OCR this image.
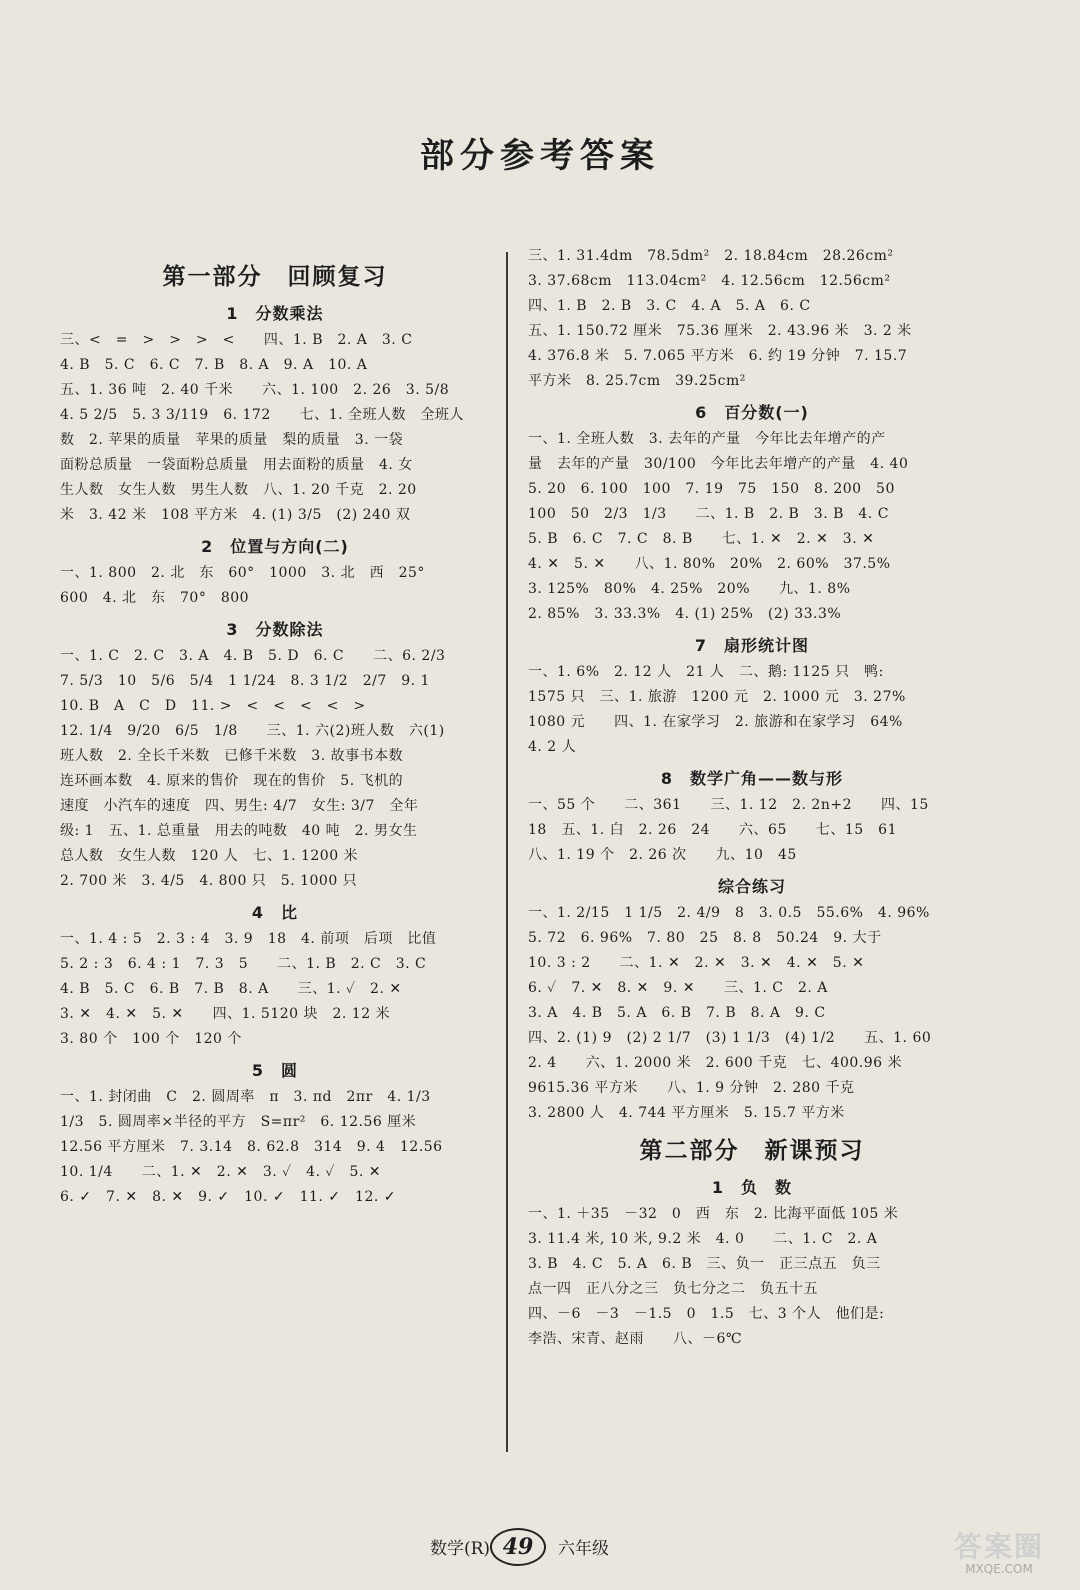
部分参考答案
第一部分　回顾复习
1　分数乘法
三、<　=　>　>　>　<　　四、1. B　2. A　3. C
4. B　5. C　6. C　7. B　8. A　9. A　10. A
五、1. 36 吨　2. 40 千米　　六、1. 100　2. 26　3. 5/8
4. 5 2/5　5. 3 3/119　6. 172　　七、1. 全班人数　全班人
数　2. 苹果的质量　苹果的质量　梨的质量　3. 一袋
面粉总质量　一袋面粉总质量　用去面粉的质量　4. 女
生人数　女生人数　男生人数　八、1. 20 千克　2. 20
米　3. 42 米　108 平方米　4. (1) 3/5　(2) 240 双
2　位置与方向(二)
一、1. 800　2. 北　东　60°　1000　3. 北　西　25°
600　4. 北　东　70°　800
3　分数除法
一、1. C　2. C　3. A　4. B　5. D　6. C　　二、6. 2/3
7. 5/3　10　5/6　5/4　1 1/24　8. 3 1/2　2/7　9. 1
10. B　A　C　D　11. >　<　<　<　<　>
12. 1/4　9/20　6/5　1/8　　三、1. 六(2)班人数　六(1)
班人数　2. 全长千米数　已修千米数　3. 故事书本数
连环画本数　4. 原来的售价　现在的售价　5. 飞机的
速度　小汽车的速度　四、男生: 4/7　女生: 3/7　全年
级: 1　五、1. 总重量　用去的吨数　40 吨　2. 男女生
总人数　女生人数　120 人　七、1. 1200 米
2. 700 米　3. 4/5　4. 800 只　5. 1000 只
4　比
一、1. 4 : 5　2. 3 : 4　3. 9　18　4. 前项　后项　比值
5. 2 : 3　6. 4 : 1　7. 3　5　　二、1. B　2. C　3. C
4. B　5. C　6. B　7. B　8. A　　三、1. ✓　2. ✕
3. ✕　4. ✕　5. ✕　　四、1. 5120 块　2. 12 米
3. 80 个　100 个　120 个
5　圆
一、1. 封闭曲　C　2. 圆周率　π　3. πd　2πr　4. 1/3
1/3　5. 圆周率×半径的平方　S=πr²　6. 12.56 厘米
12.56 平方厘米　7. 3.14　8. 62.8　314　9. 4　12.56
10. 1/4　　二、1. ✕　2. ✕　3. ✓　4. ✓　5. ✕
6. ✓　7. ✕　8. ✕　9. ✓　10. ✓　11. ✓　12. ✓
三、1. 31.4dm　78.5dm²　2. 18.84cm　28.26cm²
3. 37.68cm　113.04cm²　4. 12.56cm　12.56cm²
四、1. B　2. B　3. C　4. A　5. A　6. C
五、1. 150.72 厘米　75.36 厘米　2. 43.96 米　3. 2 米
4. 376.8 米　5. 7.065 平方米　6. 约 19 分钟　7. 15.7
平方米　8. 25.7cm　39.25cm²
6　百分数(一)
一、1. 全班人数　3. 去年的产量　今年比去年增产的产
量　去年的产量　30/100　今年比去年增产的产量　4. 40
5. 20　6. 100　100　7. 19　75　150　8. 200　50
100　50　2/3　1/3　　二、1. B　2. B　3. B　4. C
5. B　6. C　7. C　8. B　　七、1. ✕　2. ✕　3. ✕
4. ✕　5. ✕　　八、1. 80%　20%　2. 60%　37.5%
3. 125%　80%　4. 25%　20%　　九、1. 8%
2. 85%　3. 33.3%　4. (1) 25%　(2) 33.3%
7　扇形统计图
一、1. 6%　2. 12 人　21 人　二、鹅: 1125 只　鸭:
1575 只　三、1. 旅游　1200 元　2. 1000 元　3. 27%
1080 元　　四、1. 在家学习　2. 旅游和在家学习　64%
4. 2 人
8　数学广角——数与形
一、55 个　　二、361　　三、1. 12　2. 2n+2　　四、15
18　五、1. 白　2. 26　24　　六、65　　七、15　61
八、1. 19 个　2. 26 次　　九、10　45
综合练习
一、1. 2/15　1 1/5　2. 4/9　8　3. 0.5̇　55.6%　4. 96%
5. 72　6. 96%　7. 80　25　8. 8　50.24　9. 大于
10. 3 : 2　　二、1. ✕　2. ✕　3. ✕　4. ✕　5. ✕
6. ✓　7. ✕　8. ✕　9. ✕　　三、1. C　2. A
3. A　4. B　5. A　6. B　7. B　8. A　9. C
四、2. (1) 9　(2) 2 1/7　(3) 1 1/3　(4) 1/2　　五、1. 60
2. 4　　六、1. 2000 米　2. 600 千克　七、400.96 米
9615.36 平方米　　八、1. 9 分钟　2. 280 千克
3. 2800 人　4. 744 平方厘米　5. 15.7 平方米
第二部分　新课预习
1　负　数
一、1. ＋35　－32　0　西　东　2. 比海平面低 105 米
3. 11.4 米, 10 米, 9.2 米　4. 0　　二、1. C　2. A
3. B　4. C　5. A　6. B　三、负一　正三点五　负三
点一四　正八分之三　负七分之二　负五十五
四、－6　－3　－1.5　0　1.5　七、3 个人　他们是:
李浩、宋青、赵雨　　八、－6℃
数学(R) 49	六年级	答案圈
MXQE.COM
